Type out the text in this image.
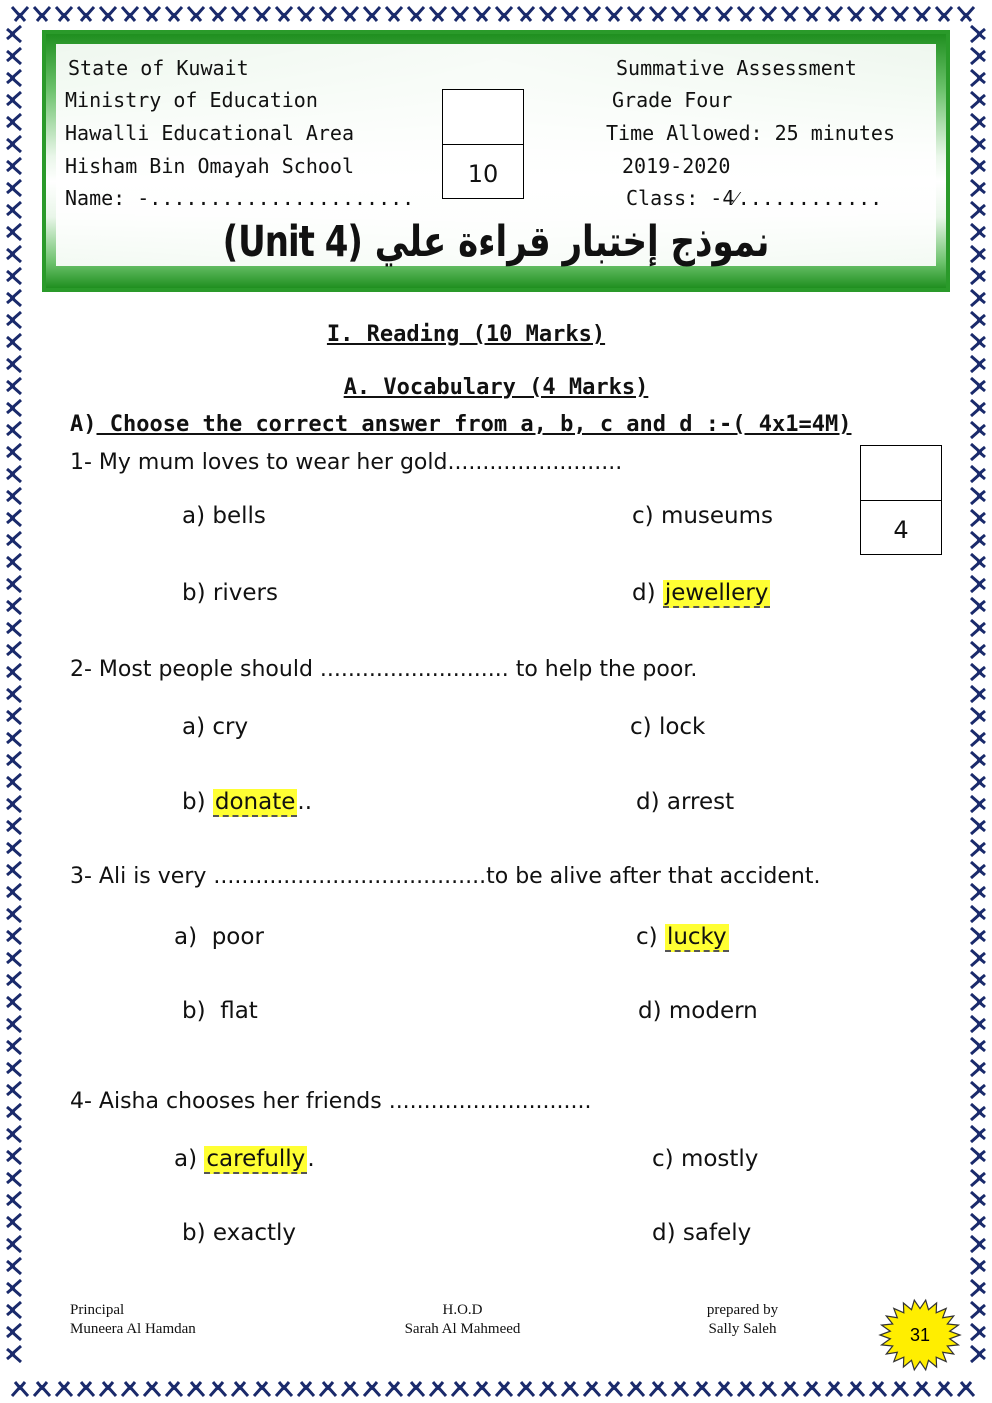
State of Kuwait
Ministry of Education
Hawalli Educational Area
Hisham Bin Omayah School
Name: -......................
Summative Assessment
Grade Four
Time Allowed: 25 minutes
2019-2020
Class: -4⁄............
10
نموذج إختبار قراءة علي (Unit 4)
I. Reading (10 Marks)
A. Vocabulary (4 Marks)
A) Choose the correct answer from a, b, c and d :-( 4x1=4M)
4
1- My mum loves to wear her gold.........................
a) bells	c) museums
b) rivers	d) jewellery
2- Most people should ........................... to help the poor.
a) cry	c) lock
b) donate..	d) arrest
3- Ali is very .......................................to be alive after that accident.
a)  poor	c) lucky
b)  flat	d) modern
4- Aisha chooses her friends .............................
a) carefully.	c) mostly
b) exactly	d) safely
Principal
Muneera Al Hamdan
H.O.D
Sarah Al Mahmeed
prepared by
Sally Saleh	31
